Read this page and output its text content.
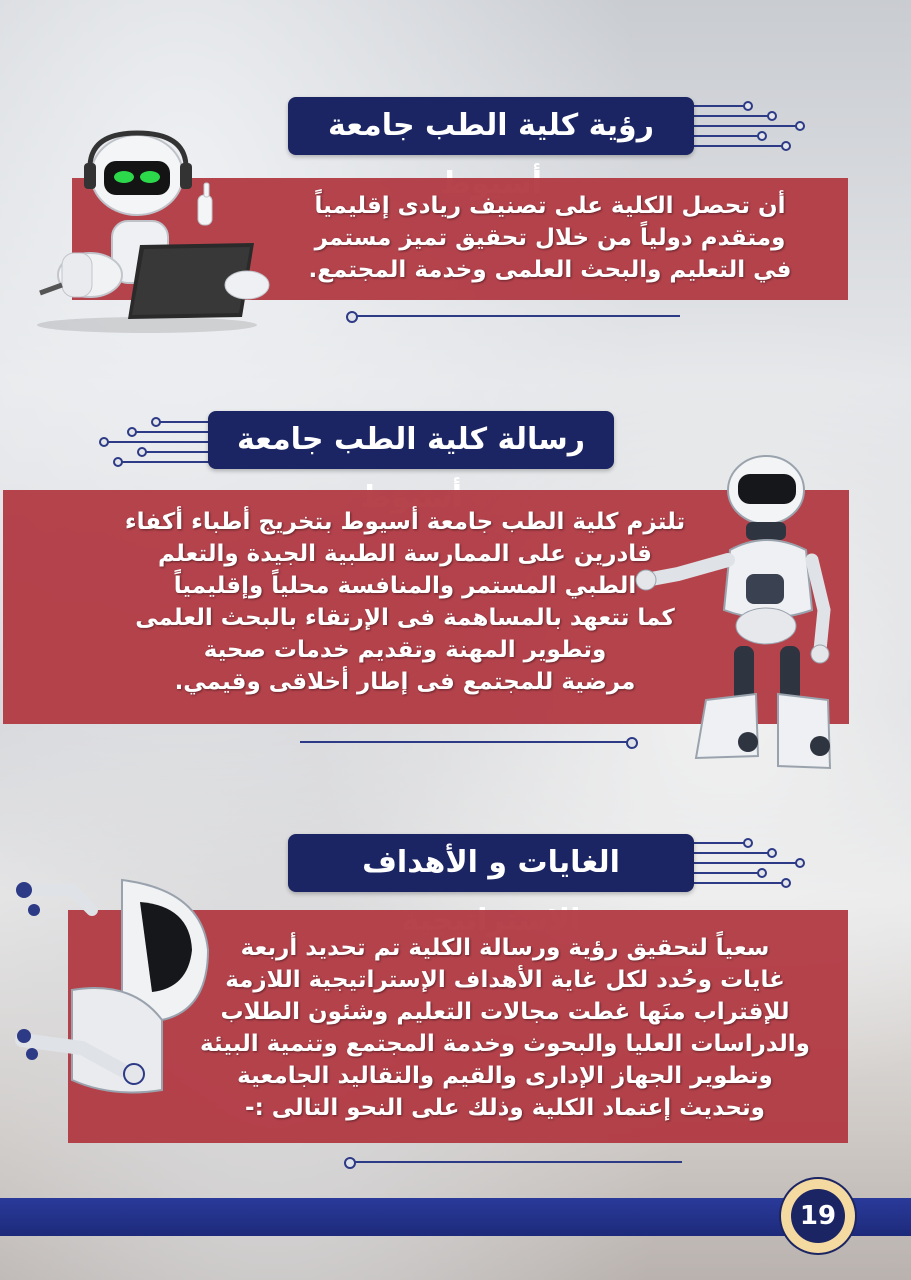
رؤية كلية الطب جامعة
أن تحصل الكلية على تصنيف ريادى إقليمياً
ومتقدم دولياً من خلال تحقيق تميز مستمر
في التعليم والبحث العلمى وخدمة المجتمع.
رسالة كلية الطب جامعة
تلتزم كلية الطب جامعة أسيوط بتخريج أطباء أكفاء
قادرين على الممارسة الطبية الجيدة والتعلم
الطبي المستمر والمنافسة محلياً وإقليمياً
كما تتعهد بالمساهمة فى الإرتقاء بالبحث العلمى
وتطوير المهنة وتقديم خدمات صحية
مرضية للمجتمع فى إطار أخلاقى وقيمي.
الغايات و الأهداف
سعياً لتحقيق رؤية ورسالة الكلية تم تحديد أربعة
غايات وحُدد لكل غاية الأهداف الإستراتيجية اللازمة
للإقتراب منَها غطت مجالات التعليم وشئون الطلاب
والدراسات العليا والبحوث وخدمة المجتمع وتنمية البيئة
وتطوير الجهاز الإدارى والقيم والتقاليد الجامعية
وتحديث إعتماد الكلية وذلك على النحو التالى :-
19
